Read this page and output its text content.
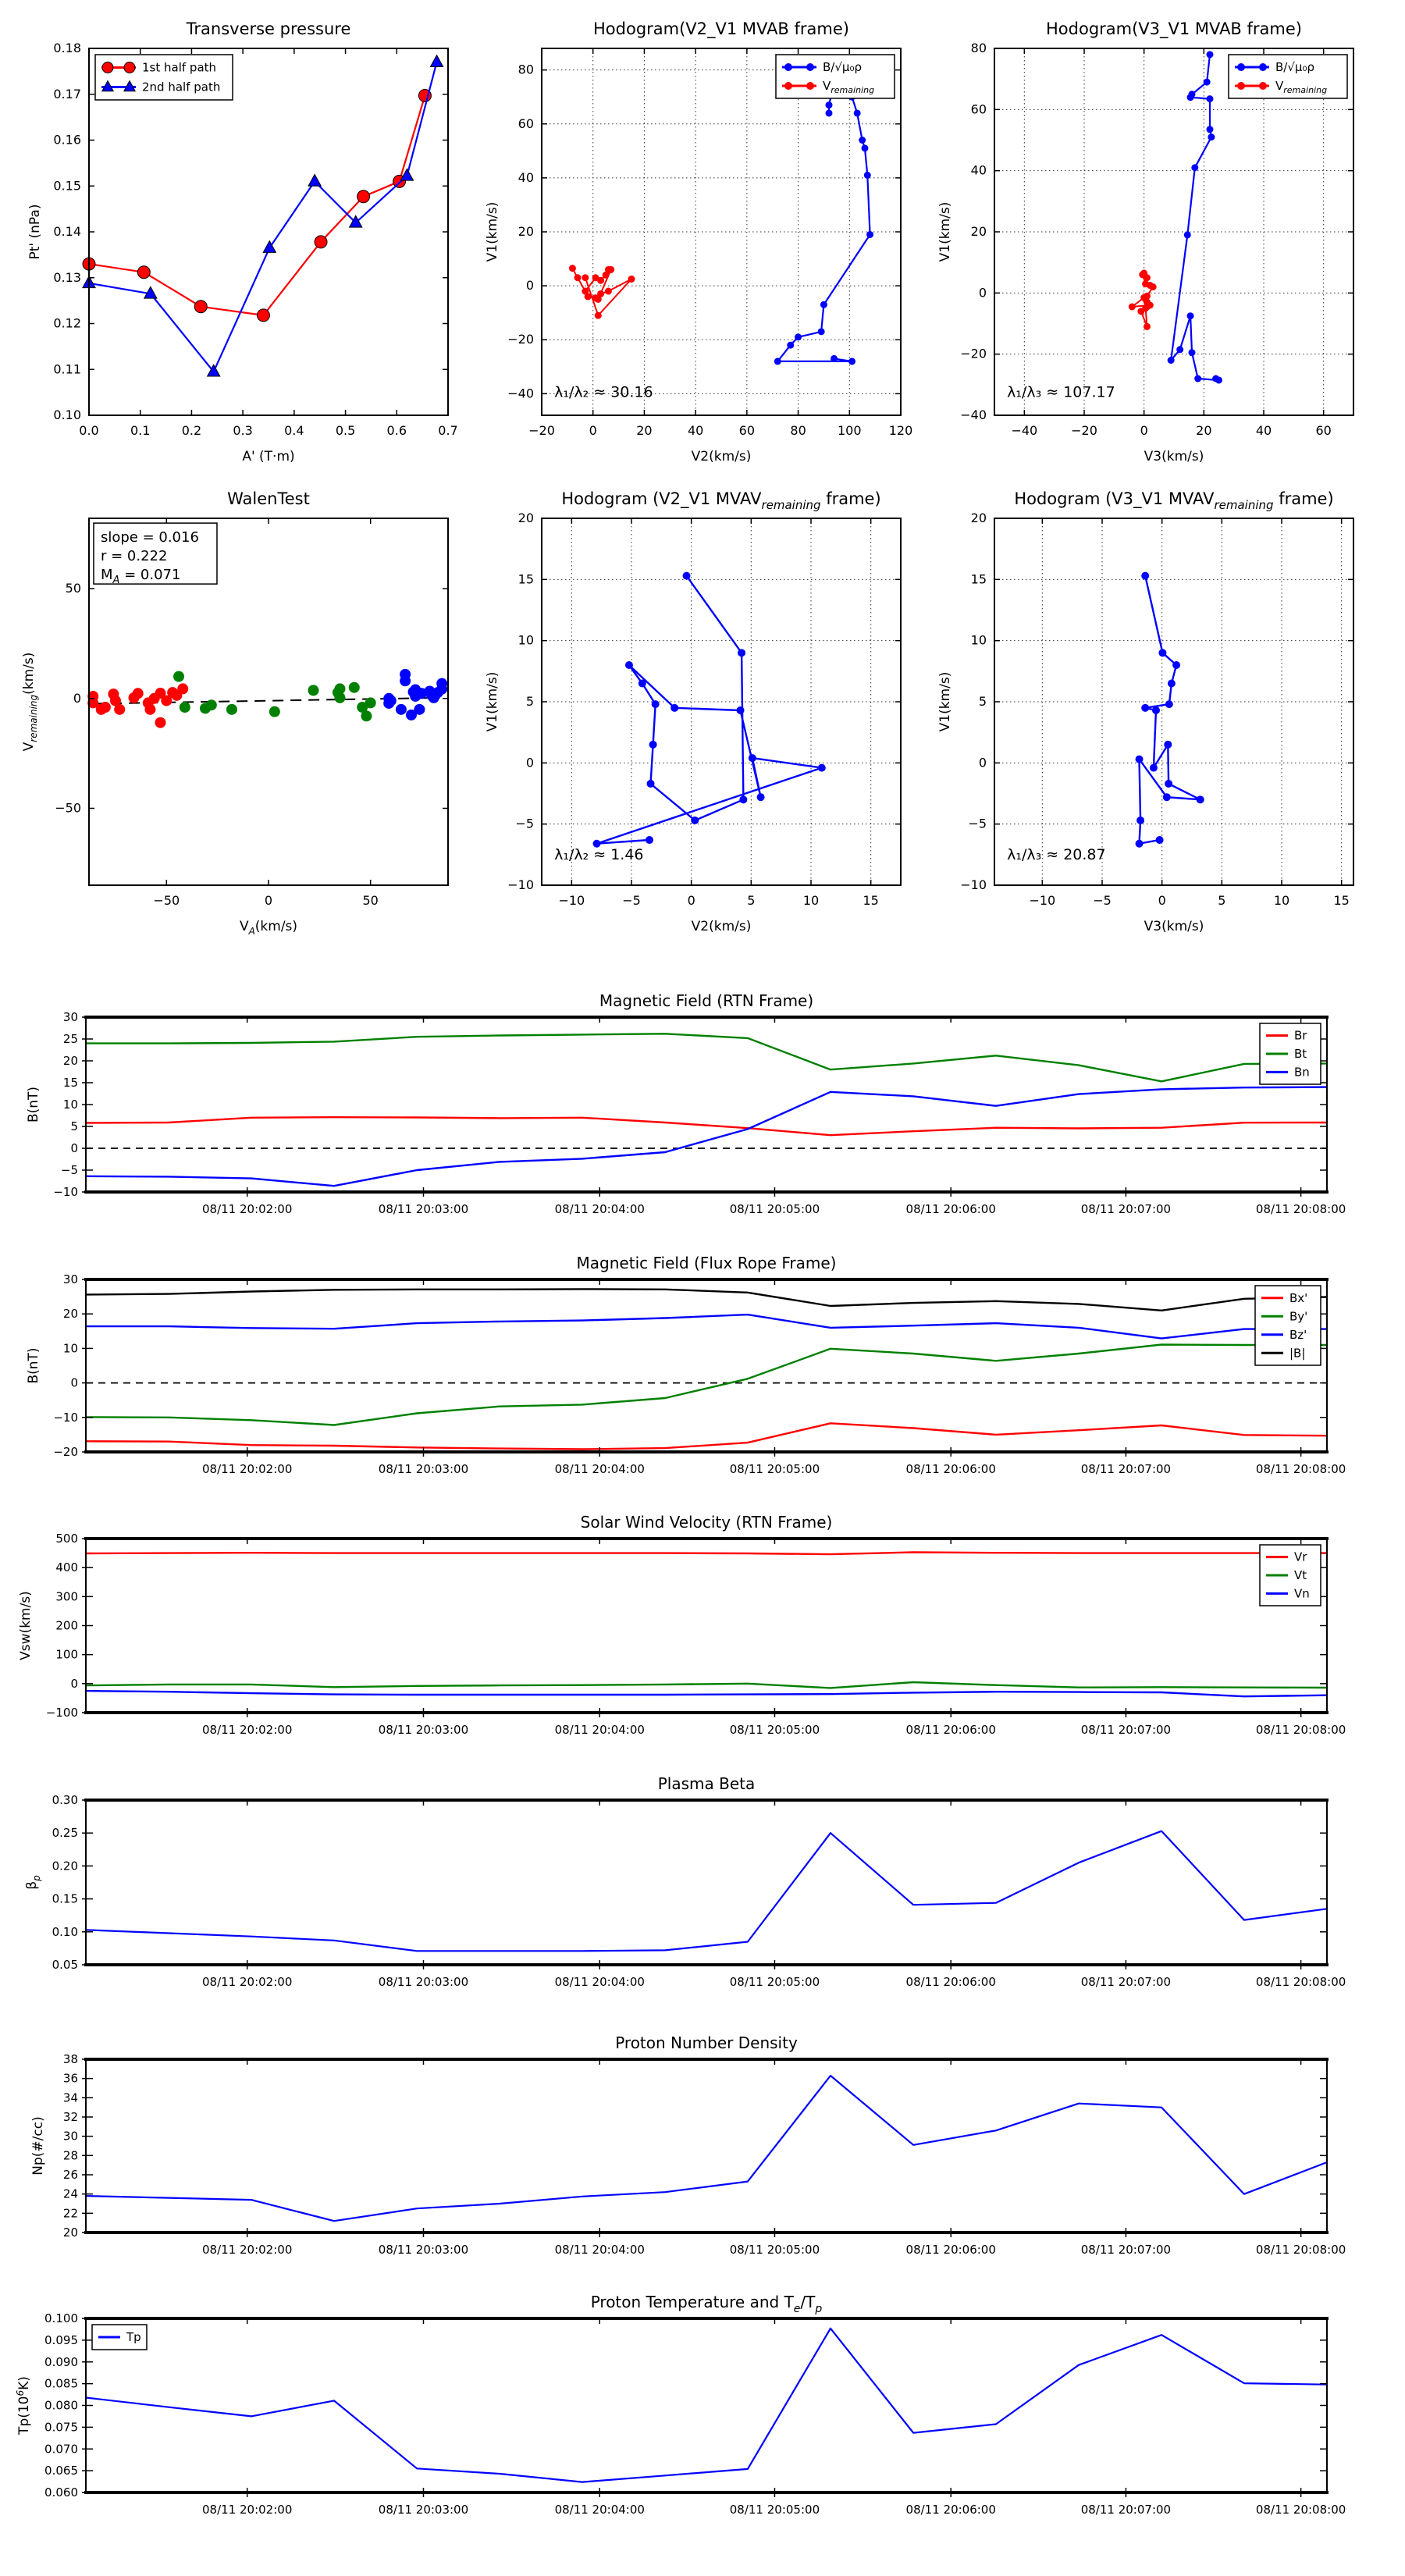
0.0	0.1	0.2	0.3	0.4	0.5	0.6	0.7
0.10
0.11
0.12
0.13
0.14
0.15
0.16
0.17
0.18
Transverse pressure
A' (T·m)
Pt' (nPa)
1st half path
2nd half path
−20	0	20	40	60	80	100 120
−40
−20
0
20
40
60
80
Hodogram(V2_V1 MVAB frame)
V2(km/s)
V1(km/s)
λ₁/λ₂ ≈ 30.16
B/√μ₀ρ
$V_{remaining}$
−40	−20	0	20	40	60
−40
−20
0
20
40
60
80
Hodogram(V3_V1 MVAB frame)
V3(km/s)
V1(km/s)
λ₁/λ₃ ≈ 107.17
B/√μ₀ρ
$V_{remaining}$
−50	0	50
−50
0
50
WalenTest
$V_A(km/s)$
$V_{remaining}(km/s)$
slope = 0.016
r = 0.222
$M_A = 0.071$
−10	−5	0	5	10	15
−10
−5
0
5
10
15
20
Hodogram (V2_V1 $MVAV_{remaining}$ frame)
V2(km/s)
V1(km/s)
λ₁/λ₂ ≈ 1.46
−10	−5	0	5	10	15
−10
−5
0
5
10
15
20
Hodogram (V3_V1 $MVAV_{remaining}$ frame)
V3(km/s)
V1(km/s)
λ₁/λ₃ ≈ 20.87
08/11 20:02:00	08/11 20:03:00	08/11 20:04:00	08/11 20:05:00	08/11 20:06:00	08/11 20:07:00	08/11 20:08:00
−10
−5
0
5
10
15
20
25
30
Magnetic Field (RTN Frame)
B(nT)
Br
Bt
Bn
08/11 20:02:00	08/11 20:03:00	08/11 20:04:00	08/11 20:05:00	08/11 20:06:00	08/11 20:07:00	08/11 20:08:00
−20
−10
0
10
20
30
Magnetic Field (Flux Rope Frame)
B(nT)
Bx'
By'
Bz'
|B|
08/11 20:02:00	08/11 20:03:00	08/11 20:04:00	08/11 20:05:00	08/11 20:06:00	08/11 20:07:00	08/11 20:08:00
−100
0
100
200
300
400
500
Solar Wind Velocity (RTN Frame)
Vsw(km/s)
Vr
Vt
Vn
08/11 20:02:00	08/11 20:03:00	08/11 20:04:00	08/11 20:05:00	08/11 20:06:00	08/11 20:07:00	08/11 20:08:00
0.05
0.10
0.15
0.20
0.25
0.30
Plasma Beta
$\beta_p$
08/11 20:02:00	08/11 20:03:00	08/11 20:04:00	08/11 20:05:00	08/11 20:06:00	08/11 20:07:00	08/11 20:08:00
20
22
24
26
28
30
32
34
36
38
Proton Number Density
Np(#/cc)
08/11 20:02:00	08/11 20:03:00	08/11 20:04:00	08/11 20:05:00	08/11 20:06:00	08/11 20:07:00	08/11 20:08:00
0.060
0.065
0.070
0.075
0.080
0.085
0.090
0.095
0.100
Proton Temperature and $T_e/T_p$
$Tp(10^6K)$
Tp
